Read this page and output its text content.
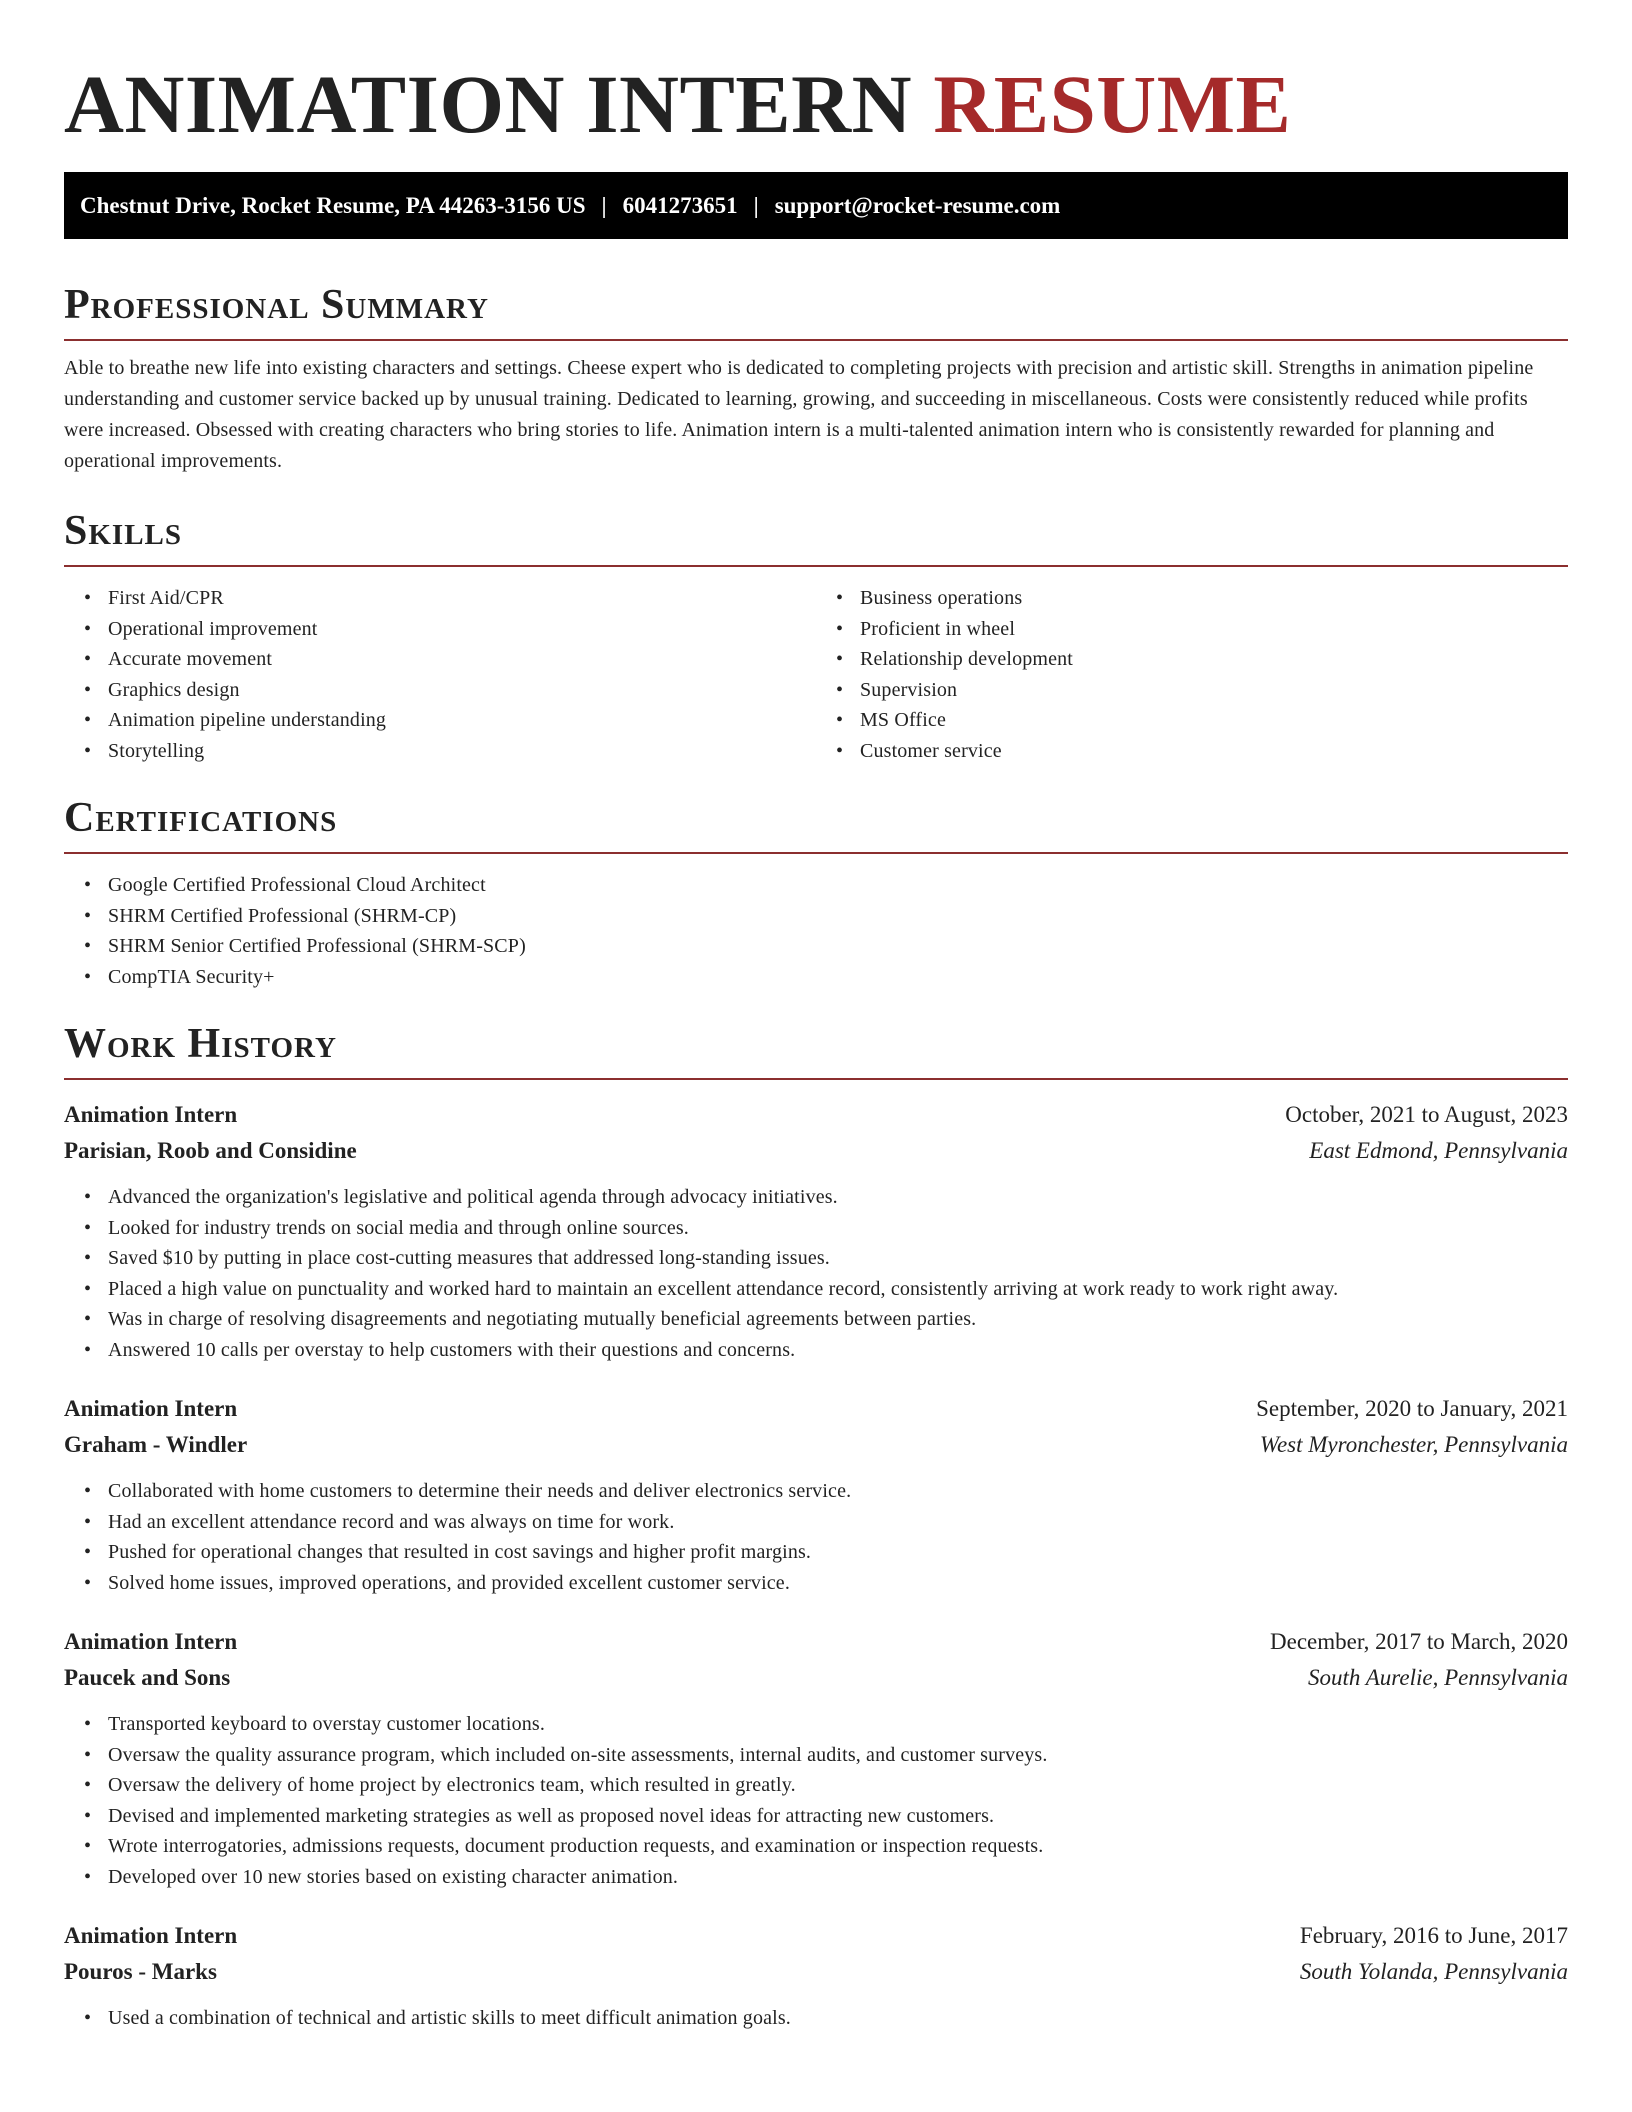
ANIMATION INTERN RESUME
Chestnut Drive, Rocket Resume, PA 44263-3156 US | 6041273651 | support@rocket-resume.com
Professional Summary

Able to breathe new life into existing characters and settings. Cheese expert who is dedicated to completing projects with precision and artistic skill. Strengths in animation pipeline understanding and customer service backed up by unusual training. Dedicated to learning, growing, and succeeding in miscellaneous. Costs were consistently reduced while profits were increased. Obsessed with creating characters who bring stories to life. Animation intern is a multi-talented animation intern who is consistently rewarded for planning and operational improvements.

Skills
• First Aid/CPR
• Operational improvement
• Accurate movement
• Graphics design
• Animation pipeline understanding
• Storytelling
• Business operations
• Proficient in wheel
• Relationship development
• Supervision
• MS Office
• Customer service
Certifications
• Google Certified Professional Cloud Architect
• SHRM Certified Professional (SHRM-CP)
• SHRM Senior Certified Professional (SHRM-SCP)
• CompTIA Security+
Work History
Animation Intern	October, 2021 to August, 2023
Parisian, Roob and Considine	East Edmond, Pennsylvania
• Advanced the organization's legislative and political agenda through advocacy initiatives.
• Looked for industry trends on social media and through online sources.
• Saved $10 by putting in place cost-cutting measures that addressed long-standing issues.
• Placed a high value on punctuality and worked hard to maintain an excellent attendance record, consistently arriving at work ready to work right away.
• Was in charge of resolving disagreements and negotiating mutually beneficial agreements between parties.
• Answered 10 calls per overstay to help customers with their questions and concerns.
Animation Intern	September, 2020 to January, 2021
Graham - Windler	West Myronchester, Pennsylvania
• Collaborated with home customers to determine their needs and deliver electronics service.
• Had an excellent attendance record and was always on time for work.
• Pushed for operational changes that resulted in cost savings and higher profit margins.
• Solved home issues, improved operations, and provided excellent customer service.
Animation Intern	December, 2017 to March, 2020
Paucek and Sons	South Aurelie, Pennsylvania
• Transported keyboard to overstay customer locations.
• Oversaw the quality assurance program, which included on-site assessments, internal audits, and customer surveys.
• Oversaw the delivery of home project by electronics team, which resulted in greatly.
• Devised and implemented marketing strategies as well as proposed novel ideas for attracting new customers.
• Wrote interrogatories, admissions requests, document production requests, and examination or inspection requests.
• Developed over 10 new stories based on existing character animation.
Animation Intern	February, 2016 to June, 2017
Pouros - Marks	South Yolanda, Pennsylvania
• Used a combination of technical and artistic skills to meet difficult animation goals.
